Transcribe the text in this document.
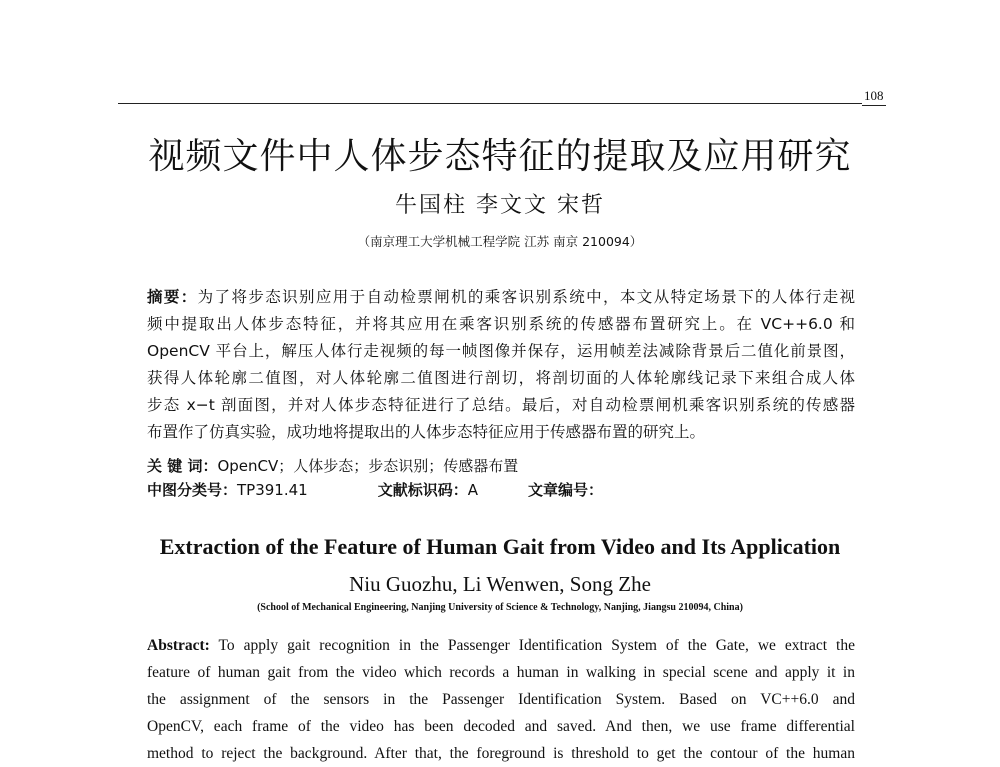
108
视频文件中人体步态特征的提取及应用研究
牛国柱 李文文 宋哲
（南京理工大学机械工程学院 江苏 南京 210094）
摘要：为了将步态识别应用于自动检票闸机的乘客识别系统中，本文从特定场景下的人体行走视
频中提取出人体步态特征，并将其应用在乘客识别系统的传感器布置研究上。在 VC++6.0 和
OpenCV 平台上，解压人体行走视频的每一帧图像并保存，运用帧差法减除背景后二值化前景图，
获得人体轮廓二值图，对人体轮廓二值图进行剖切，将剖切面的人体轮廓线记录下来组合成人体
步态 x−t 剖面图，并对人体步态特征进行了总结。最后，对自动检票闸机乘客识别系统的传感器
布置作了仿真实验，成功地将提取出的人体步态特征应用于传感器布置的研究上。
关 键 词：OpenCV；人体步态；步态识别；传感器布置
中图分类号：TP391.41	文献标识码：A	文章编号：
Extraction of the Feature of Human Gait from Video and Its Application
Niu Guozhu, Li Wenwen, Song Zhe
(School of Mechanical Engineering, Nanjing University of Science & Technology, Nanjing, Jiangsu 210094, China)
Abstract: To apply gait recognition in the Passenger Identification System of the Gate, we extract the
feature of human gait from the video which records a human in walking in special scene and apply it in
the assignment of the sensors in the Passenger Identification System. Based on VC++6.0 and
OpenCV, each frame of the video has been decoded and saved. And then, we use frame differential
method to reject the background. After that, the foreground is threshold to get the contour of the human
